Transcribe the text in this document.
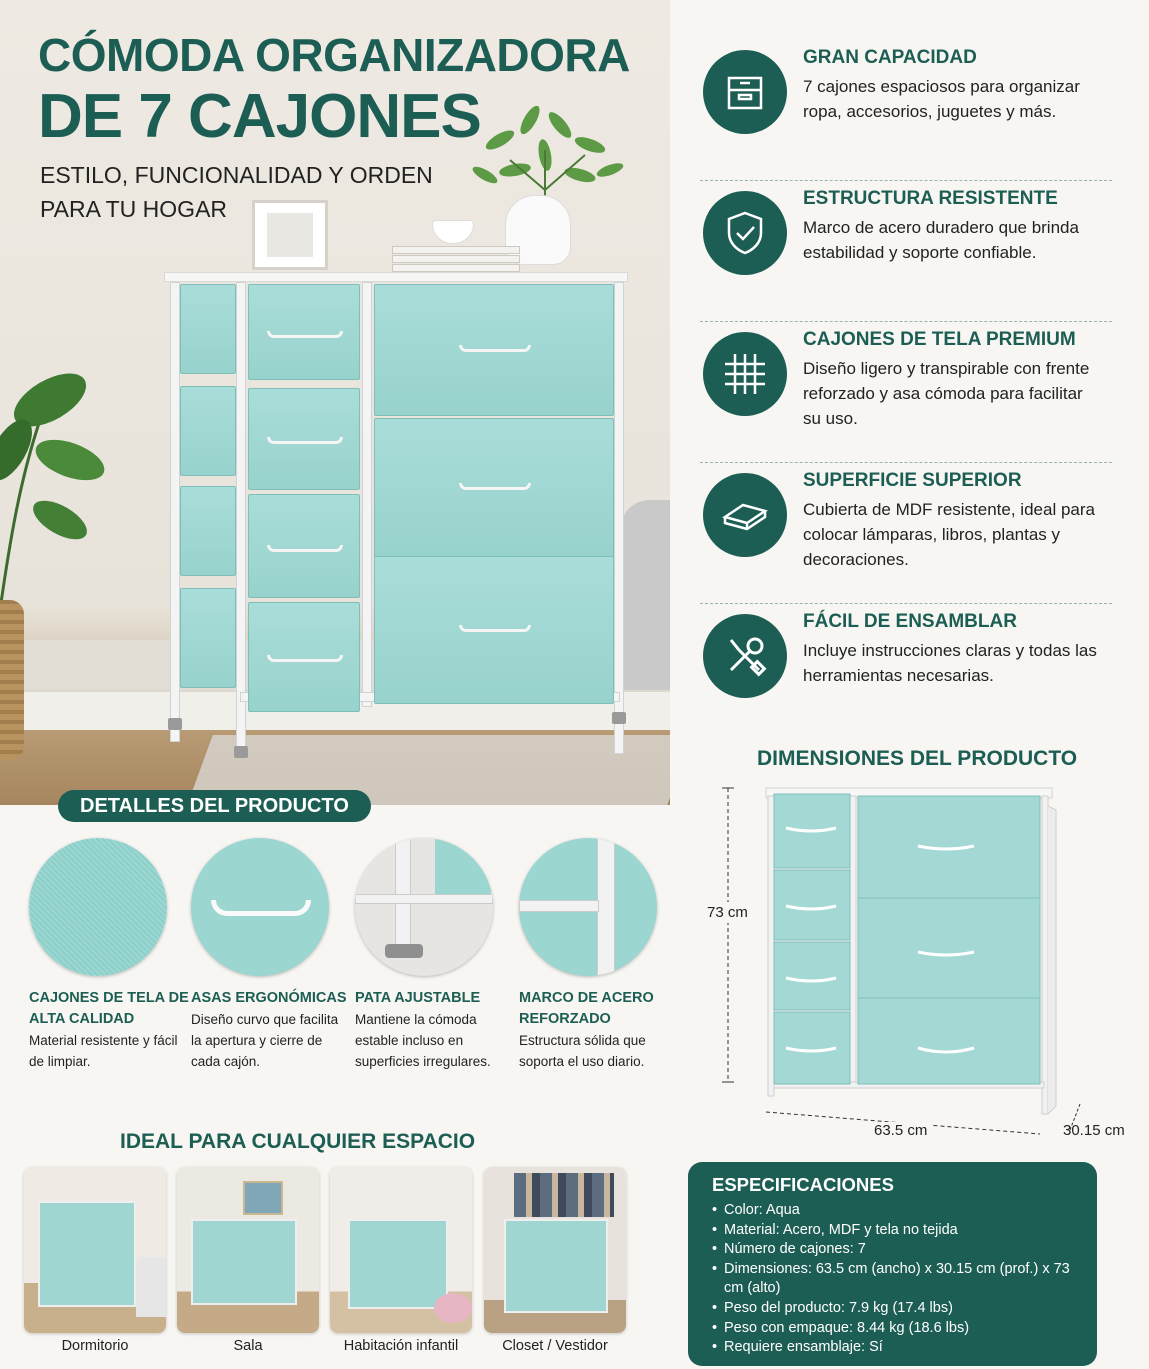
CÓMODA ORGANIZADORA
DE 7 CAJONES

ESTILO, FUNCIONALIDAD Y ORDEN PARA TU HOGAR

GRAN CAPACIDAD
7 cajones espaciosos para organizar ropa, accesorios, juguetes y más.
ESTRUCTURA RESISTENTE
Marco de acero duradero que brinda estabilidad y soporte confiable.
CAJONES DE TELA PREMIUM
Diseño ligero y transpirable con frente reforzado y asa cómoda para facilitar su uso.
SUPERFICIE SUPERIOR
Cubierta de MDF resistente, ideal para colocar lámparas, libros, plantas y decoraciones.
FÁCIL DE ENSAMBLAR
Incluye instrucciones claras y todas las herramientas necesarias.
DETALLES DEL PRODUCTO
CAJONES DE TELA DE ALTA CALIDAD
Material resistente y fácil de limpiar.
ASAS ERGONÓMICAS
Diseño curvo que facilita la apertura y cierre de cada cajón.
PATA AJUSTABLE
Mantiene la cómoda estable incluso en superficies irregulares.
MARCO DE ACERO REFORZADO
Estructura sólida que soporta el uso diario.
IDEAL PARA CUALQUIER ESPACIO
Dormitorio	Sala	Habitación infantil	Closet / Vestidor
DIMENSIONES DEL PRODUCTO
73 cm
63.5 cm	30.15 cm
ESPECIFICACIONES
• Color: Aqua
• Material: Acero, MDF y tela no tejida
• Número de cajones: 7
• Dimensiones: 63.5 cm (ancho) x 30.15 cm (prof.) x 73 cm (alto)
• Peso del producto: 7.9 kg (17.4 lbs)
• Peso con empaque: 8.44 kg (18.6 lbs)
• Requiere ensamblaje: Sí
